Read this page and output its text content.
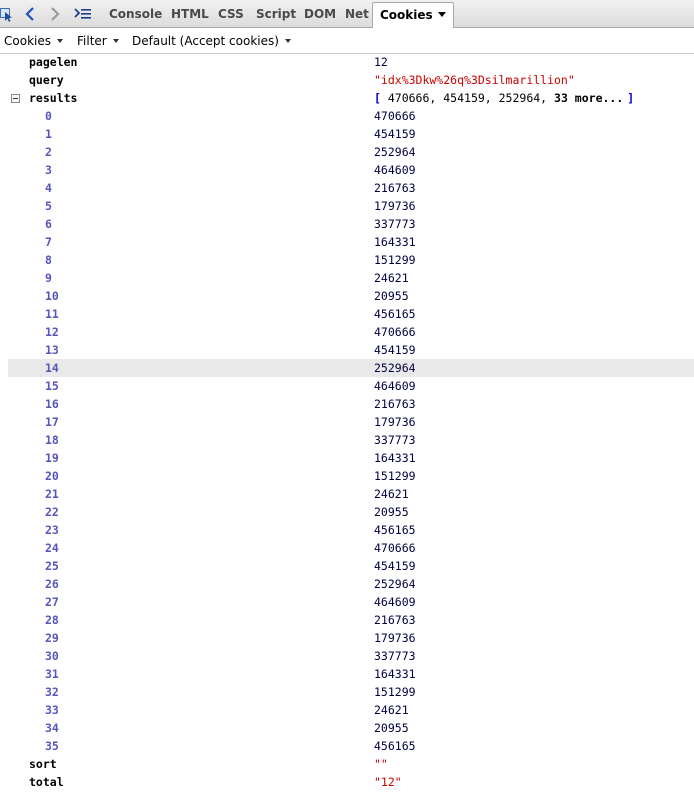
Console HTML CSS	Script DOM Net Cookies
Cookies	Filter	Default (Accept cookies)
pagelen	12
query	"idx%3Dkw%26q%3Dsilmarillion"
results	[ 470666, 454159, 252964, 33 more... ]
0	470666
1	454159
2	252964
3	464609
4	216763
5	179736
6	337773
7	164331
8	151299
9	24621
10	20955
11	456165
12	470666
13	454159
14	252964
15	464609
16	216763
17	179736
18	337773
19	164331
20	151299
21	24621
22	20955
23	456165
24	470666
25	454159
26	252964
27	464609
28	216763
29	179736
30	337773
31	164331
32	151299
33	24621
34	20955
35	456165
sort	""
total	"12"
